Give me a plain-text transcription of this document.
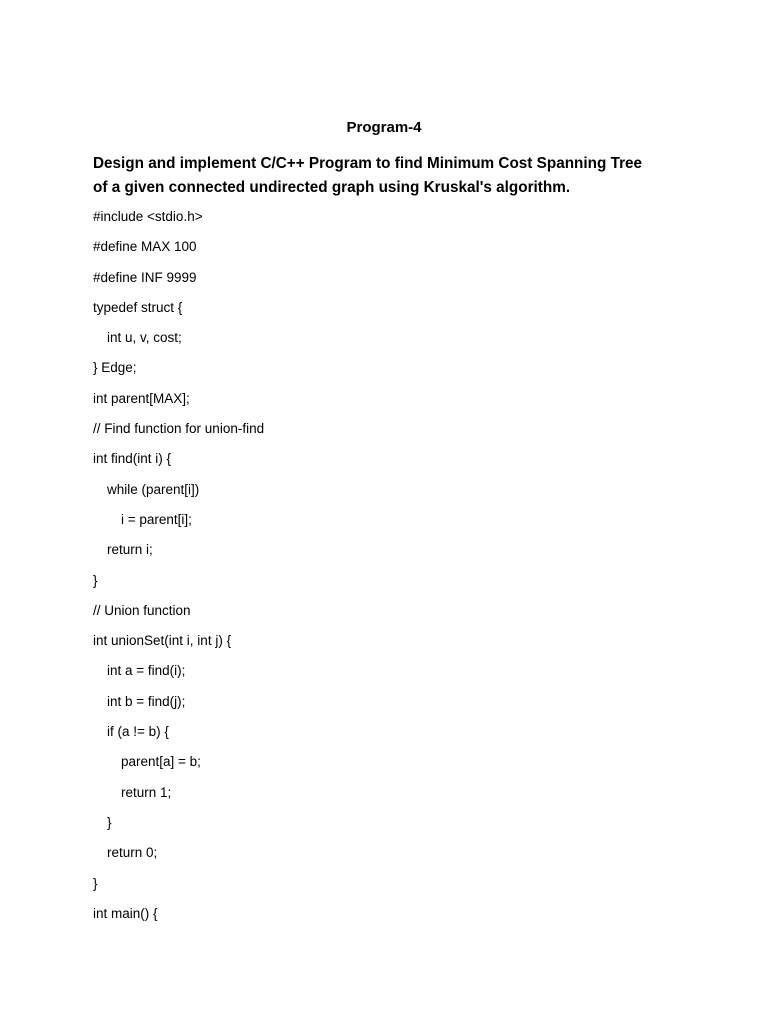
Program-4
Design and implement C/C++ Program to find Minimum Cost Spanning Tree
of a given connected undirected graph using Kruskal's algorithm.
#include <stdio.h>
#define MAX 100
#define INF 9999
typedef struct {
int u, v, cost;
} Edge;
int parent[MAX];
// Find function for union-find
int find(int i) {
while (parent[i])
i = parent[i];
return i;
}
// Union function
int unionSet(int i, int j) {
int a = find(i);
int b = find(j);
if (a != b) {
parent[a] = b;
return 1;
}
return 0;
}
int main() {
